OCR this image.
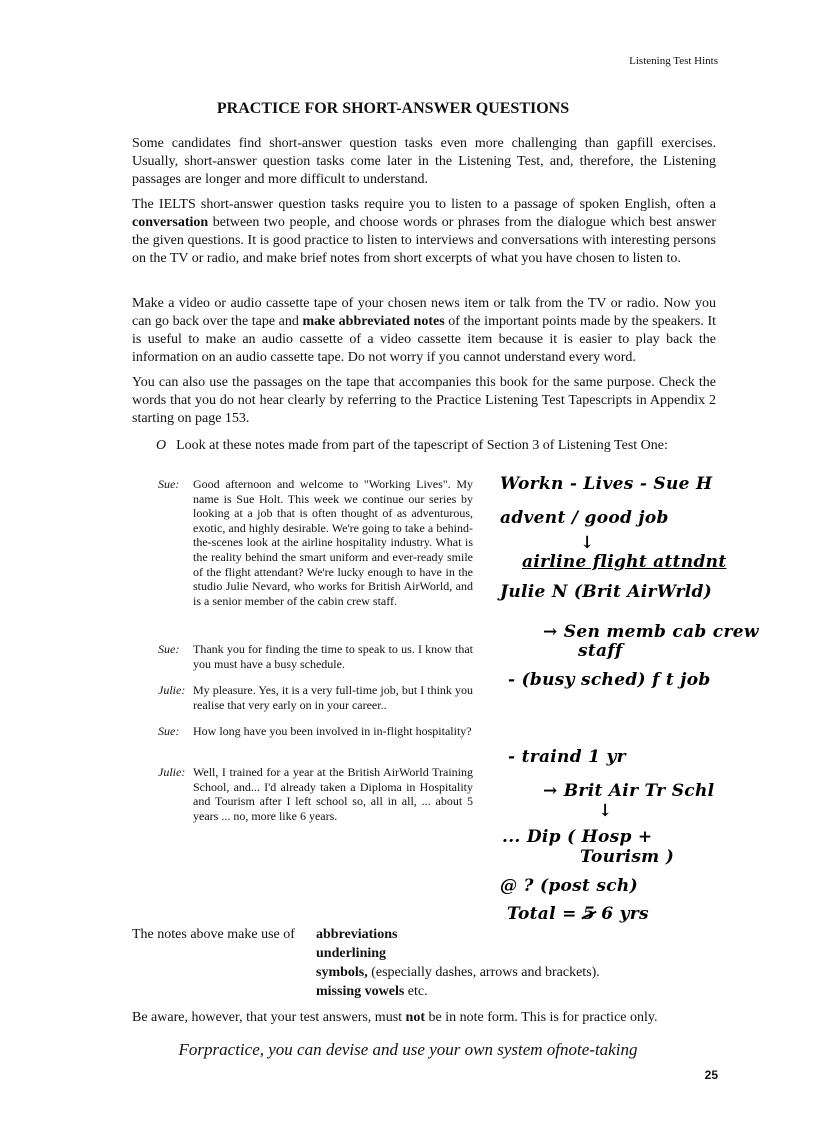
Listening Test Hints
PRACTICE FOR SHORT-ANSWER QUESTIONS

Some candidates find short-answer question tasks even more challenging than gapfill exercises. Usually, short-answer question tasks come later in the Listening Test, and, therefore, the Listening passages are longer and more difficult to understand.

The IELTS short-answer question tasks require you to listen to a passage of spoken English, often a conversation between two people, and choose words or phrases from the dialogue which best answer the given questions. It is good practice to listen to interviews and conversations with interesting persons on the TV or radio, and make brief notes from short excerpts of what you have chosen to listen to.

Make a video or audio cassette tape of your chosen news item or talk from the TV or radio. Now you can go back over the tape and make abbreviated notes of the important points made by the speakers. It is useful to make an audio cassette of a video cassette item because it is easier to play back the information on an audio cassette tape. Do not worry if you cannot understand every word.

You can also use the passages on the tape that accompanies this book for the same purpose. Check the words that you do not hear clearly by referring to the Practice Listening Test Tapescripts in Appendix 2 starting on page 153.

O Look at these notes made from part of the tapescript of Section 3 of Listening Test One:
Sue: Good afternoon and welcome to "Working Lives". My name is Sue Holt. This week we continue our series by looking at a job that is often thought of as adventurous, exotic, and highly desirable. We're going to take a behind-the-scenes look at the airline hospitality industry. What is the reality behind the smart uniform and ever-ready smile of the flight attendant? We're lucky enough to have in the studio Julie Nevard, who works for British AirWorld, and is a senior member of the cabin crew staff.

Sue: Thank you for finding the time to speak to us. I know that you must have a busy schedule.

Julie: My pleasure. Yes, it is a very full-time job, but I think you realise that very early on in your career..

Sue: How long have you been involved in in-flight hospitality?

Julie: Well, I trained for a year at the British AirWorld Training School, and... I'd already taken a Diploma in Hospitality and Tourism after I left school so, all in all, ... about 5 years ... no, more like 6 years.

Workn - Lives - Sue H
advent / good job
↓
airline flight attndnt
Julie N (Brit AirWrld)
→ Sen memb cab crew
staff
- (busy sched) f t job
- traind 1 yr
→ Brit Air Tr Schl
↓
... Dip ( Hosp +
Tourism )
@ ? (post sch)
Total = 5 6 yrs
The notes above make use of abbreviations
underlining
symbols, (especially dashes, arrows and brackets).
missing vowels etc.
Be aware, however, that your test answers, must not be in note form. This is for practice only.
Forpractice, you can devise and use your own system ofnote-taking
25
